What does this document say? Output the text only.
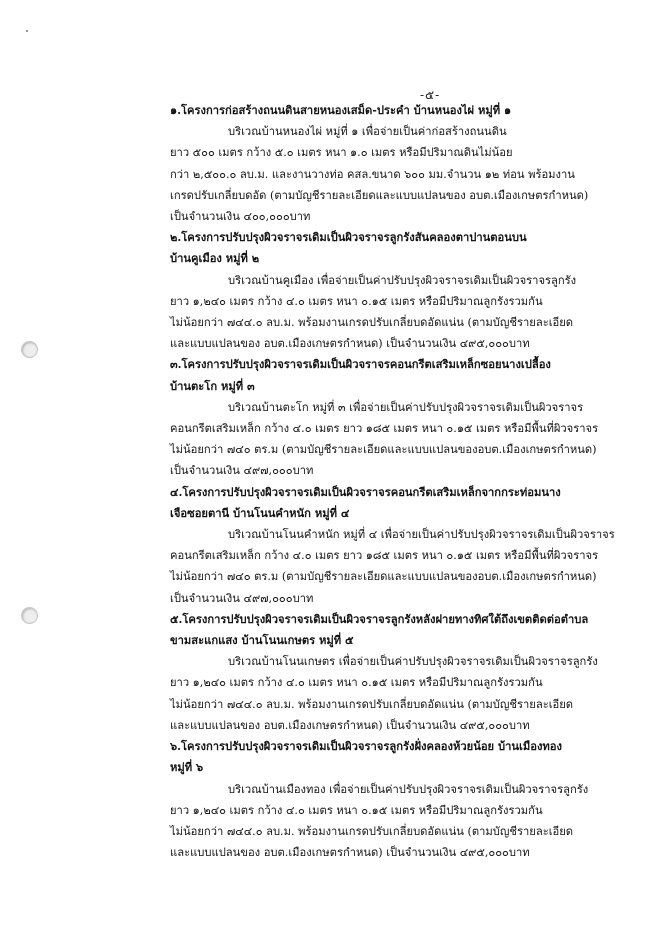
-๕-
๑.โครงการก่อสร้างถนนดินสายหนองเสม็ด-ประคำ บ้านหนองไผ่ หมู่ที่ ๑
บริเวณบ้านหนองไผ่ หมู่ที่ ๑ เพื่อจ่ายเป็นค่าก่อสร้างถนนดิน
ยาว ๕๐๐ เมตร กว้าง ๕.๐ เมตร หนา ๑.๐ เมตร หรือมีปริมาณดินไม่น้อย
กว่า ๒,๕๐๐.๐ ลบ.ม. และงานวางท่อ คสล.ขนาด ๖๐๐ มม.จำนวน ๑๒ ท่อน พร้อมงาน
เกรดปรับเกลี่ยบดอัด (ตามบัญชีรายละเอียดและแบบแปลนของ อบต.เมืองเกษตรกำหนด)
เป็นจำนวนเงิน ๔๐๐,๐๐๐บาท
๒.โครงการปรับปรุงผิวจราจรเดิมเป็นผิวจราจรลูกรังสันคลองตาปานตอนบน
บ้านคูเมือง หมู่ที่ ๒
บริเวณบ้านคูเมือง เพื่อจ่ายเป็นค่าปรับปรุงผิวจราจรเดิมเป็นผิวจราจรลูกรัง
ยาว ๑,๒๔๐ เมตร กว้าง ๔.๐ เมตร หนา ๐.๑๕ เมตร หรือมีปริมาณลูกรังรวมกัน
ไม่น้อยกว่า ๗๔๔.๐ ลบ.ม. พร้อมงานเกรดปรับเกลี่ยบดอัดแน่น (ตามบัญชีรายละเอียด
และแบบแปลนของ อบต.เมืองเกษตรกำหนด) เป็นจำนวนเงิน ๔๙๕,๐๐๐บาท
๓.โครงการปรับปรุงผิวจราจรเดิมเป็นผิวจราจรคอนกรีตเสริมเหล็กซอยนางเปลื้อง
บ้านตะโก หมู่ที่ ๓
บริเวณบ้านตะโก หมู่ที่ ๓ เพื่อจ่ายเป็นค่าปรับปรุงผิวจราจรเดิมเป็นผิวจราจร
คอนกรีตเสริมเหล็ก กว้าง ๔.๐ เมตร ยาว ๑๘๕ เมตร หนา ๐.๑๕ เมตร หรือมีพื้นที่ผิวจราจร
ไม่น้อยกว่า ๗๔๐ ตร.ม (ตามบัญชีรายละเอียดและแบบแปลนของอบต.เมืองเกษตรกำหนด)
เป็นจำนวนเงิน ๔๙๗,๐๐๐บาท
๔.โครงการปรับปรุงผิวจราจรเดิมเป็นผิวจราจรคอนกรีตเสริมเหล็กจากกระท่อมนาง
เจือซอยตานี บ้านโนนคำหนัก หมู่ที่ ๔
บริเวณบ้านโนนคำหนัก หมู่ที่ ๔ เพื่อจ่ายเป็นค่าปรับปรุงผิวจราจรเดิมเป็นผิวจราจร
คอนกรีตเสริมเหล็ก กว้าง ๔.๐ เมตร ยาว ๑๘๕ เมตร หนา ๐.๑๕ เมตร หรือมีพื้นที่ผิวจราจร
ไม่น้อยกว่า ๗๔๐ ตร.ม (ตามบัญชีรายละเอียดและแบบแปลนของอบต.เมืองเกษตรกำหนด)
เป็นจำนวนเงิน ๔๙๗,๐๐๐บาท
๕.โครงการปรับปรุงผิวจราจรเดิมเป็นผิวจราจรลูกรังหลังฝายทางทิศใต้ถึงเขตติดต่อตำบล
ขามสะแกแสง บ้านโนนเกษตร หมู่ที่ ๕
บริเวณบ้านโนนเกษตร เพื่อจ่ายเป็นค่าปรับปรุงผิวจราจรเดิมเป็นผิวจราจรลูกรัง
ยาว ๑,๒๔๐ เมตร กว้าง ๔.๐ เมตร หนา ๐.๑๕ เมตร หรือมีปริมาณลูกรังรวมกัน
ไม่น้อยกว่า ๗๔๔.๐ ลบ.ม. พร้อมงานเกรดปรับเกลี่ยบดอัดแน่น (ตามบัญชีรายละเอียด
และแบบแปลนของ อบต.เมืองเกษตรกำหนด) เป็นจำนวนเงิน ๔๙๕,๐๐๐บาท
๖.โครงการปรับปรุงผิวจราจรเดิมเป็นผิวจราจรลูกรังฝั่งคลองห้วยน้อย บ้านเมืองทอง
หมู่ที่ ๖
บริเวณบ้านเมืองทอง เพื่อจ่ายเป็นค่าปรับปรุงผิวจราจรเดิมเป็นผิวจราจรลูกรัง
ยาว ๑,๒๔๐ เมตร กว้าง ๔.๐ เมตร หนา ๐.๑๕ เมตร หรือมีปริมาณลูกรังรวมกัน
ไม่น้อยกว่า ๗๔๔.๐ ลบ.ม. พร้อมงานเกรดปรับเกลี่ยบดอัดแน่น (ตามบัญชีรายละเอียด
และแบบแปลนของ อบต.เมืองเกษตรกำหนด) เป็นจำนวนเงิน ๔๙๕,๐๐๐บาท
